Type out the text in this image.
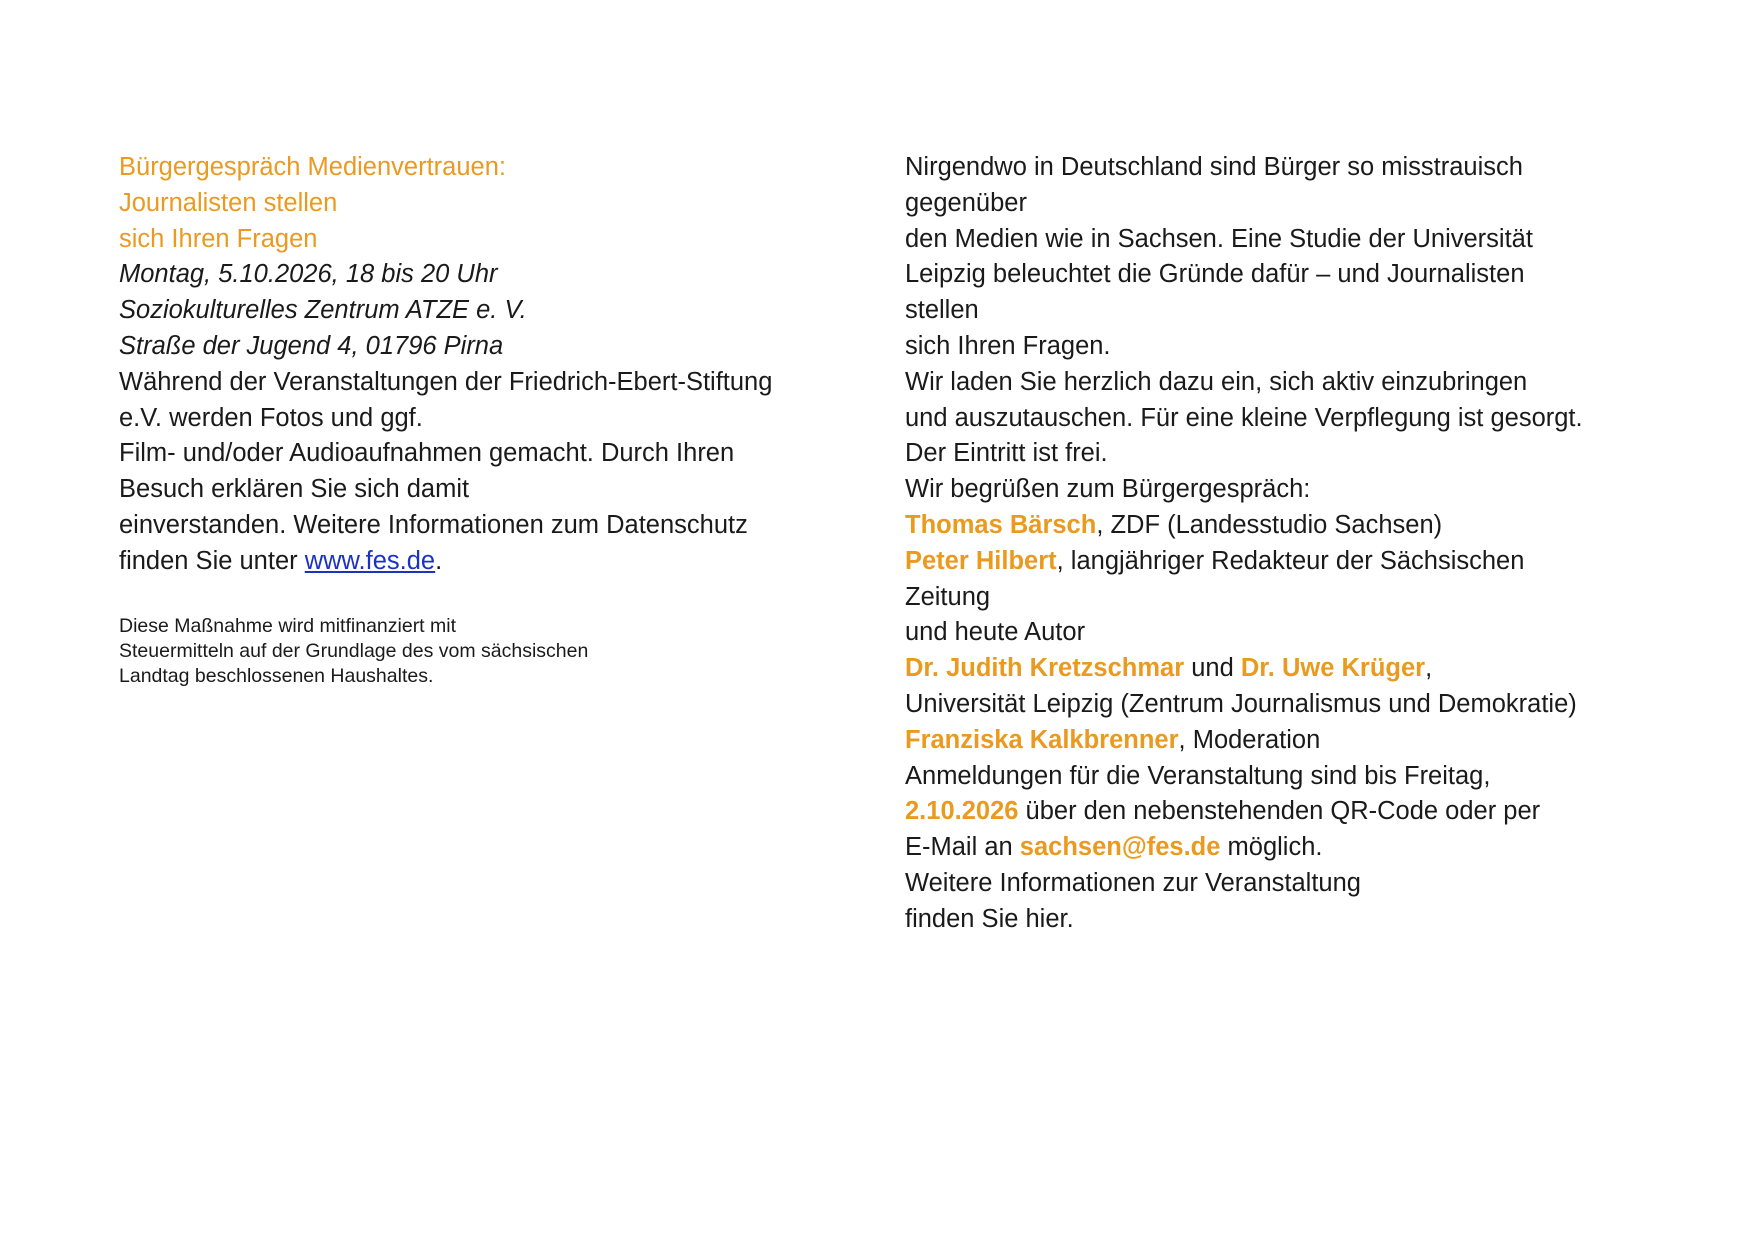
Bürgergespräch Medienvertrauen:
Journalisten stellen
sich Ihren Fragen
Montag, 5.10.2026, 18 bis 20 Uhr
Soziokulturelles Zentrum ATZE e. V.
Straße der Jugend 4, 01796 Pirna
Während der Veranstaltungen der Friedrich-Ebert-Stiftung
e.V. werden Fotos und ggf.
Film- und/oder Audioaufnahmen gemacht. Durch Ihren
Besuch erklären Sie sich damit
einverstanden. Weitere Informationen zum Datenschutz
finden Sie unter www.fes.de.
Diese Maßnahme wird mitfinanziert mit
Steuermitteln auf der Grundlage des vom sächsischen
Landtag beschlossenen Haushaltes.
Nirgendwo in Deutschland sind Bürger so misstrauisch
gegenüber
den Medien wie in Sachsen. Eine Studie der Universität
Leipzig beleuchtet die Gründe dafür – und Journalisten
stellen
sich Ihren Fragen.
Wir laden Sie herzlich dazu ein, sich aktiv einzubringen
und auszutauschen. Für eine kleine Verpflegung ist gesorgt.
Der Eintritt ist frei.
Wir begrüßen zum Bürgergespräch:
Thomas Bärsch, ZDF (Landesstudio Sachsen)
Peter Hilbert, langjähriger Redakteur der Sächsischen
Zeitung
und heute Autor
Dr. Judith Kretzschmar und Dr. Uwe Krüger,
Universität Leipzig (Zentrum Journalismus und Demokratie)
Franziska Kalkbrenner, Moderation
Anmeldungen für die Veranstaltung sind bis Freitag,
2.10.2026 über den nebenstehenden QR-Code oder per
E-Mail an sachsen@fes.de möglich.
Weitere Informationen zur Veranstaltung
finden Sie hier.
